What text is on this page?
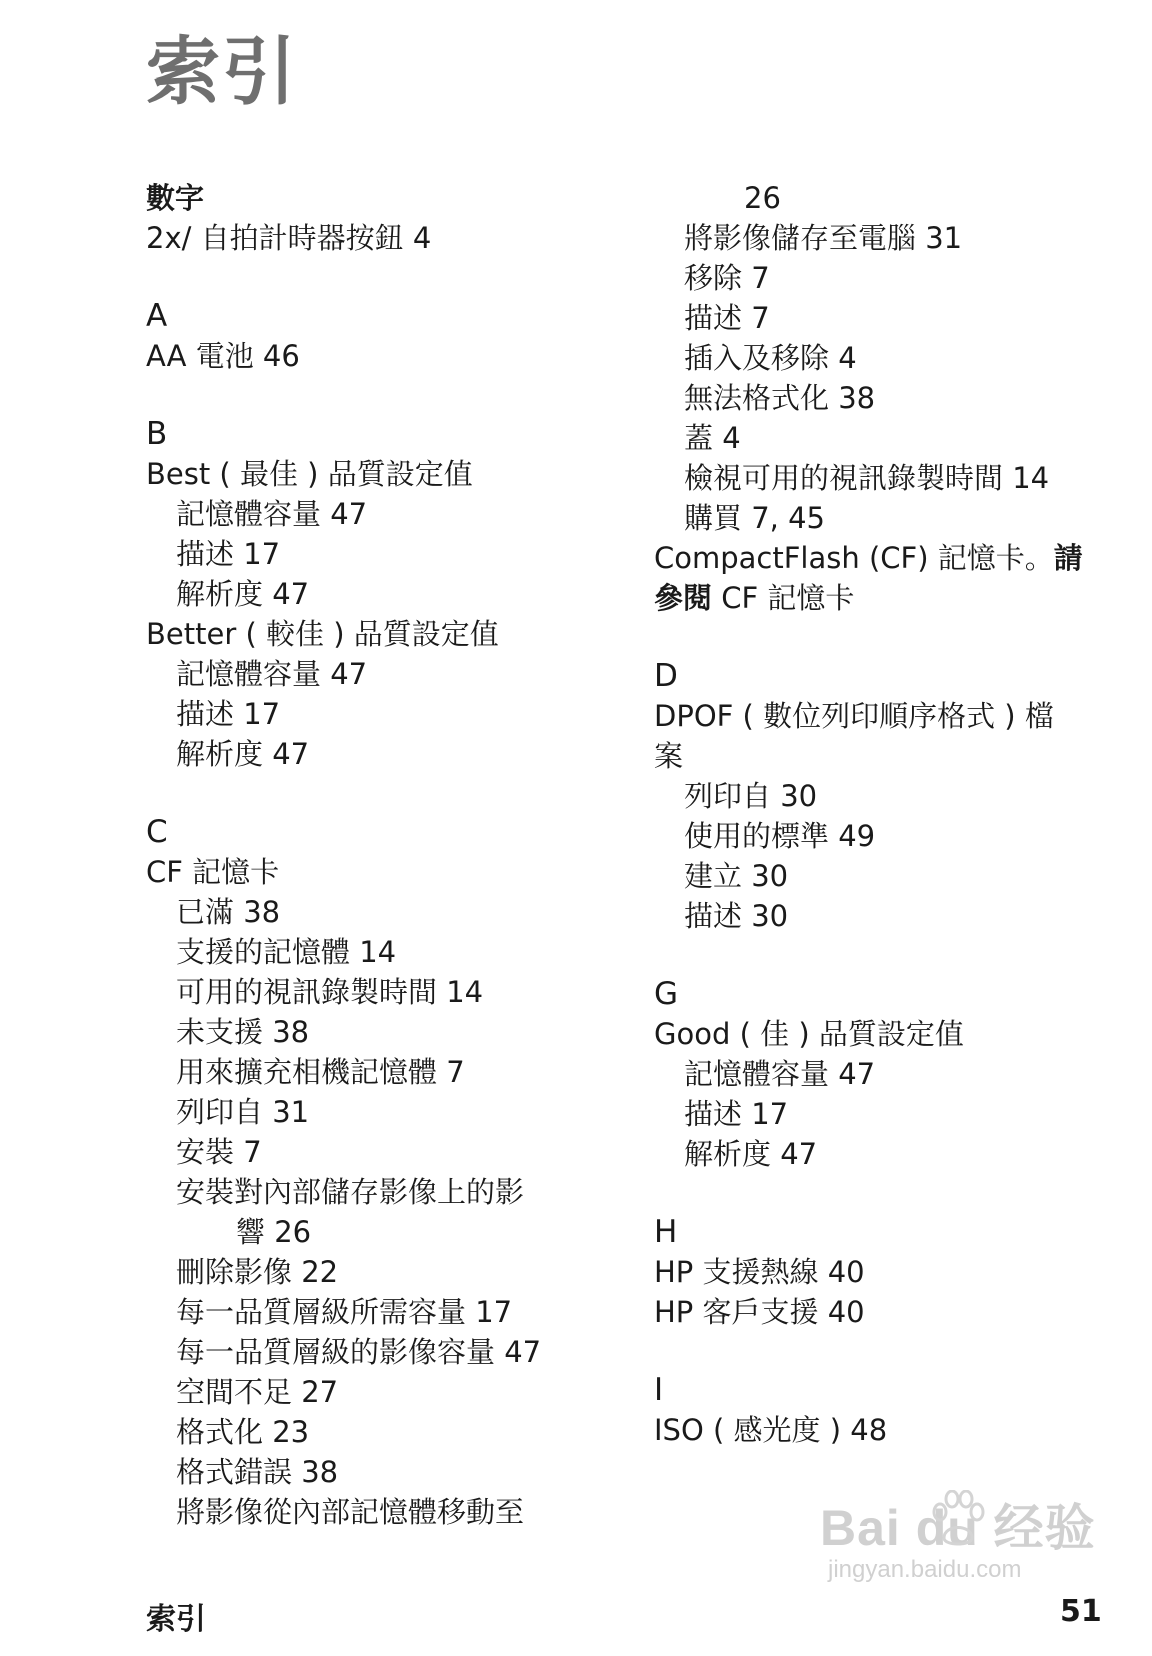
索引
數字
2x/ 自拍計時器按鈕 4
A
AA 電池 46
B
Best ( 最佳 ) 品質設定值
記憶體容量 47
描述 17
解析度 47
Better ( 較佳 ) 品質設定值
記憶體容量 47
描述 17
解析度 47
C
CF 記憶卡
已滿 38
支援的記憶體 14
可用的視訊錄製時間 14
未支援 38
用來擴充相機記憶體 7
列印自 31
安裝 7
安裝對內部儲存影像上的影
響 26
刪除影像 22
每一品質層級所需容量 17
每一品質層級的影像容量 47
空間不足 27
格式化 23
格式錯誤 38
將影像從內部記憶體移動至
26
將影像儲存至電腦 31
移除 7
描述 7
插入及移除 4
無法格式化 38
蓋 4
檢視可用的視訊錄製時間 14
購買 7, 45
CompactFlash (CF) 記憶卡。請
參閱 CF 記憶卡
D
DPOF ( 數位列印順序格式 ) 檔
案
列印自 30
使用的標準 49
建立 30
描述 30
G
Good ( 佳 ) 品質設定值
記憶體容量 47
描述 17
解析度 47
H
HP 支援熱線 40
HP 客戶支援 40
I
ISO ( 感光度 ) 48
索引	51
Bai du 经验
jingyan.baidu.com
